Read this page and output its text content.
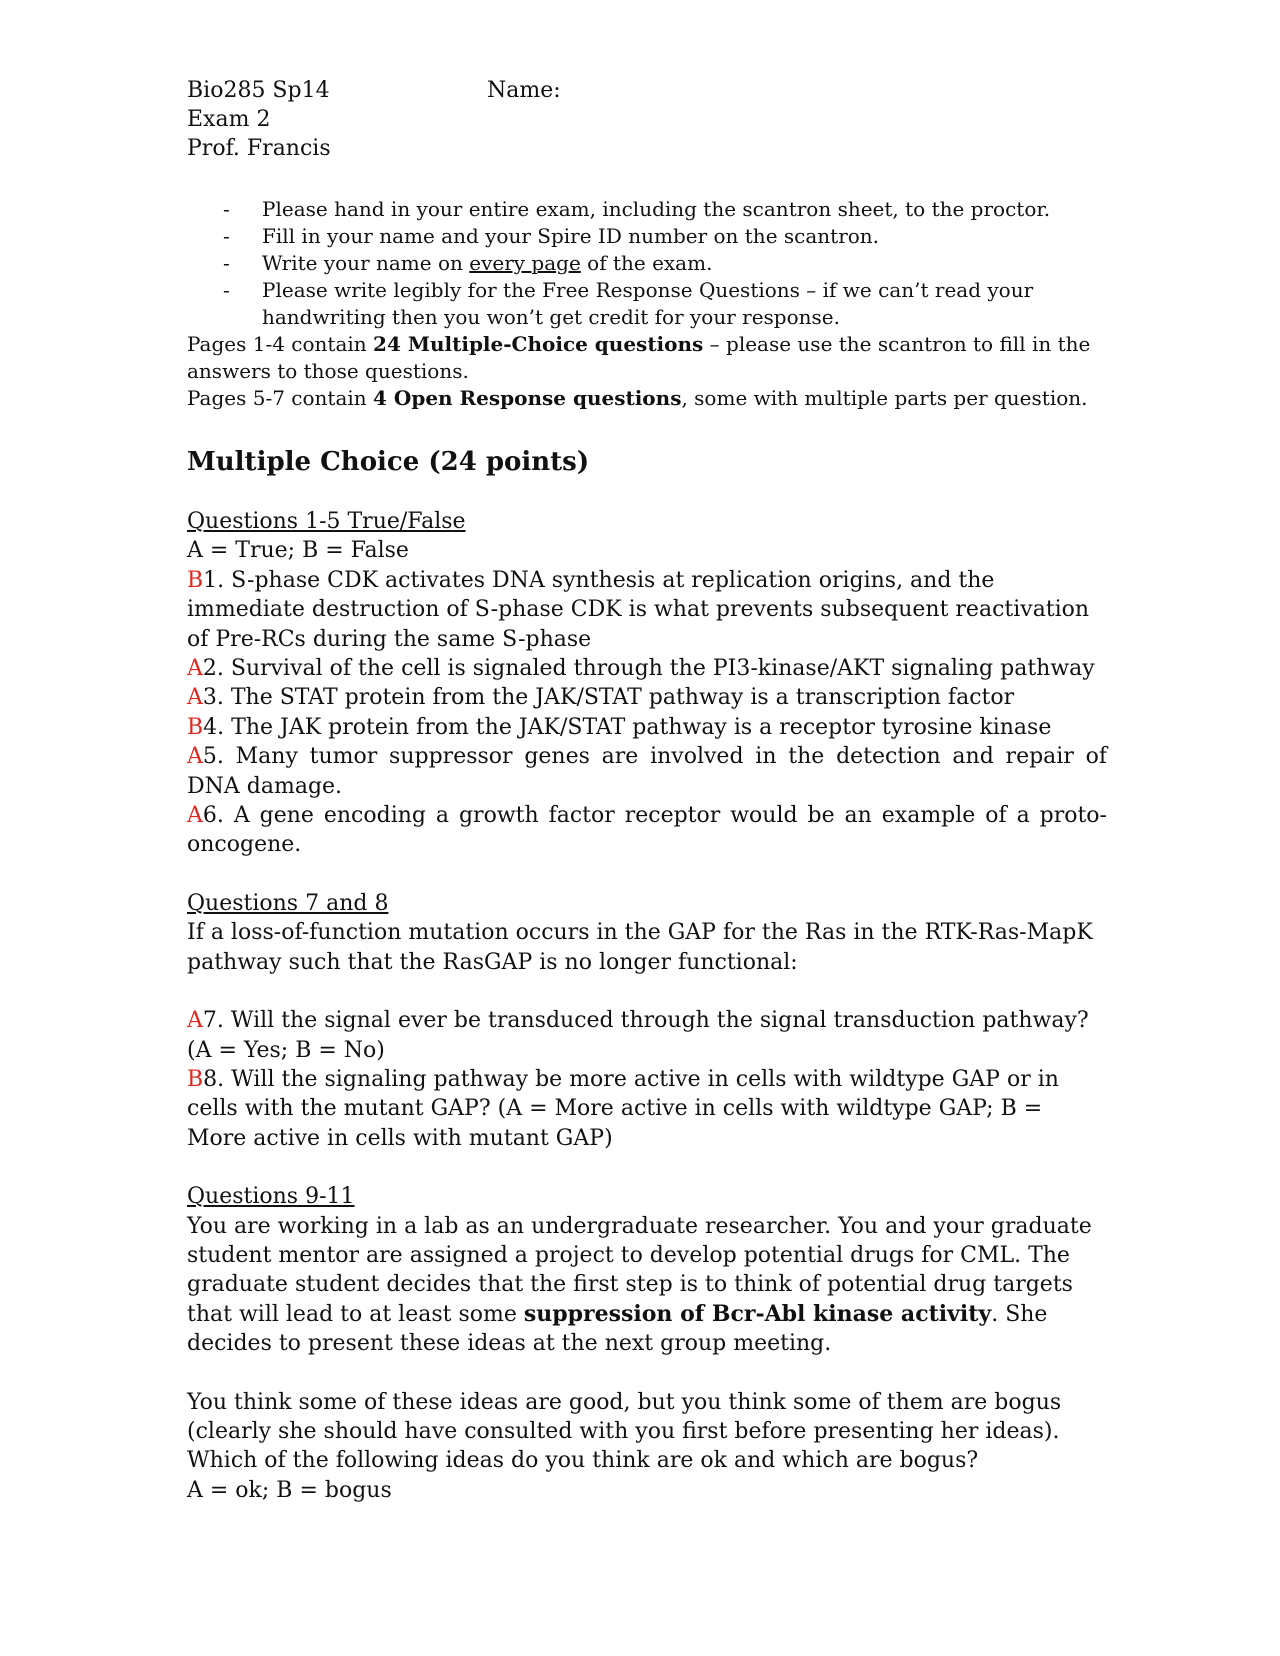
Bio285 Sp14
Exam 2
Prof. Francis
Name:
- Please hand in your entire exam, including the scantron sheet, to the proctor.
- Fill in your name and your Spire ID number on the scantron.
- Write your name on every page of the exam.
- Please write legibly for the Free Response Questions – if we can’t read your handwriting then you won’t get credit for your response.

Pages 1-4 contain 24 Multiple-Choice questions – please use the scantron to fill in the answers to those questions.

Pages 5-7 contain 4 Open Response questions, some with multiple parts per question.

Multiple Choice (24 points)
Questions 1-5 True/False

A = True; B = False

B1. S-phase CDK activates DNA synthesis at replication origins, and the immediate destruction of S-phase CDK is what prevents subsequent reactivation of Pre-RCs during the same S-phase

A2. Survival of the cell is signaled through the PI3-kinase/AKT signaling pathway

A3. The STAT protein from the JAK/STAT pathway is a transcription factor

B4. The JAK protein from the JAK/STAT pathway is a receptor tyrosine kinase

A5. Many tumor suppressor genes are involved in the detection and repair of DNA damage.

A6. A gene encoding a growth factor receptor would be an example of a proto-oncogene.

Questions 7 and 8

If a loss-of-function mutation occurs in the GAP for the Ras in the RTK-Ras-MapK pathway such that the RasGAP is no longer functional:

A7. Will the signal ever be transduced through the signal transduction pathway? (A = Yes; B = No)

B8. Will the signaling pathway be more active in cells with wildtype GAP or in cells with the mutant GAP? (A = More active in cells with wildtype GAP; B = More active in cells with mutant GAP)

Questions 9-11

You are working in a lab as an undergraduate researcher. You and your graduate student mentor are assigned a project to develop potential drugs for CML. The graduate student decides that the first step is to think of potential drug targets that will lead to at least some suppression of Bcr-Abl kinase activity. She decides to present these ideas at the next group meeting.

You think some of these ideas are good, but you think some of them are bogus (clearly she should have consulted with you first before presenting her ideas). Which of the following ideas do you think are ok and which are bogus?

A = ok; B = bogus
